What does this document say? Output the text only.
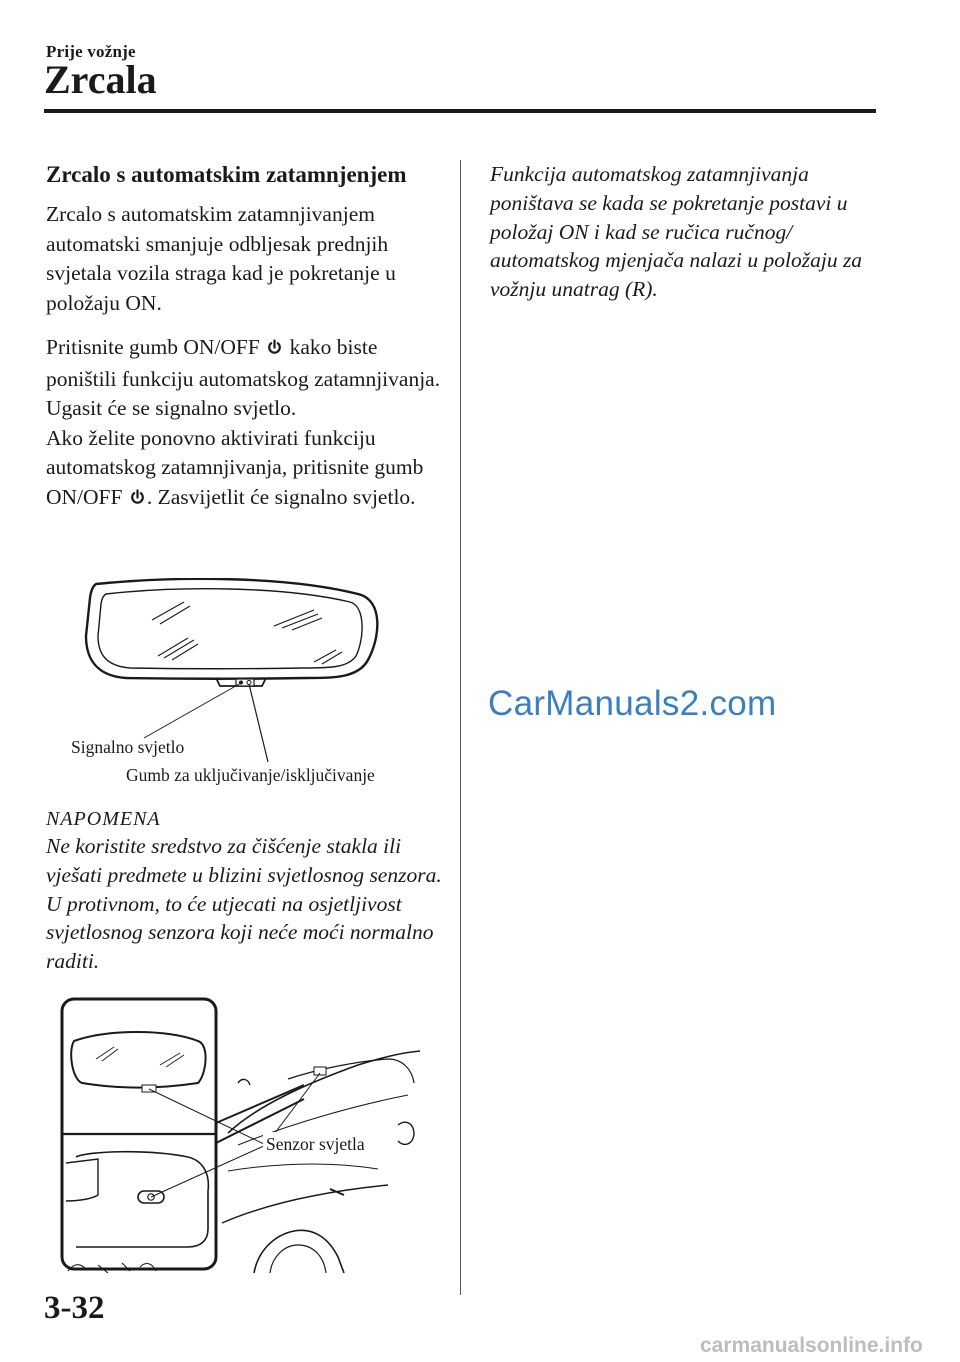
Prije vožnje
Zrcala
Zrcalo s automatskim zatamnjenjem
Zrcalo s automatskim zatamnjivanjem automatski smanjuje odbljesak prednjih svjetala vozila straga kad je pokretanje u položaju ON.
Pritisnite gumb ON/OFF kako biste poništili funkciju automatskog zatamnjivanja. Ugasit će se signalno svjetlo.
Ako želite ponovno aktivirati funkciju automatskog zatamnjivanja, pritisnite gumb ON/OFF . Zasvijetlit će signalno svjetlo.
Signalno svjetlo
Gumb za uključivanje/isključivanje
NAPOMENA
Ne koristite sredstvo za čišćenje stakla ili vješati predmete u blizini svjetlosnog senzora. U protivnom, to će utjecati na osjetljivost svjetlosnog senzora koji neće moći normalno raditi.
Senzor svjetla
Funkcija automatskog zatamnjivanja poništava se kada se pokretanje postavi u položaj ON i kad se ručica ručnog/ automatskog mjenjača nalazi u položaju za vožnju unatrag (R).
CarManuals2.com
3-32
carmanualsonline.info
